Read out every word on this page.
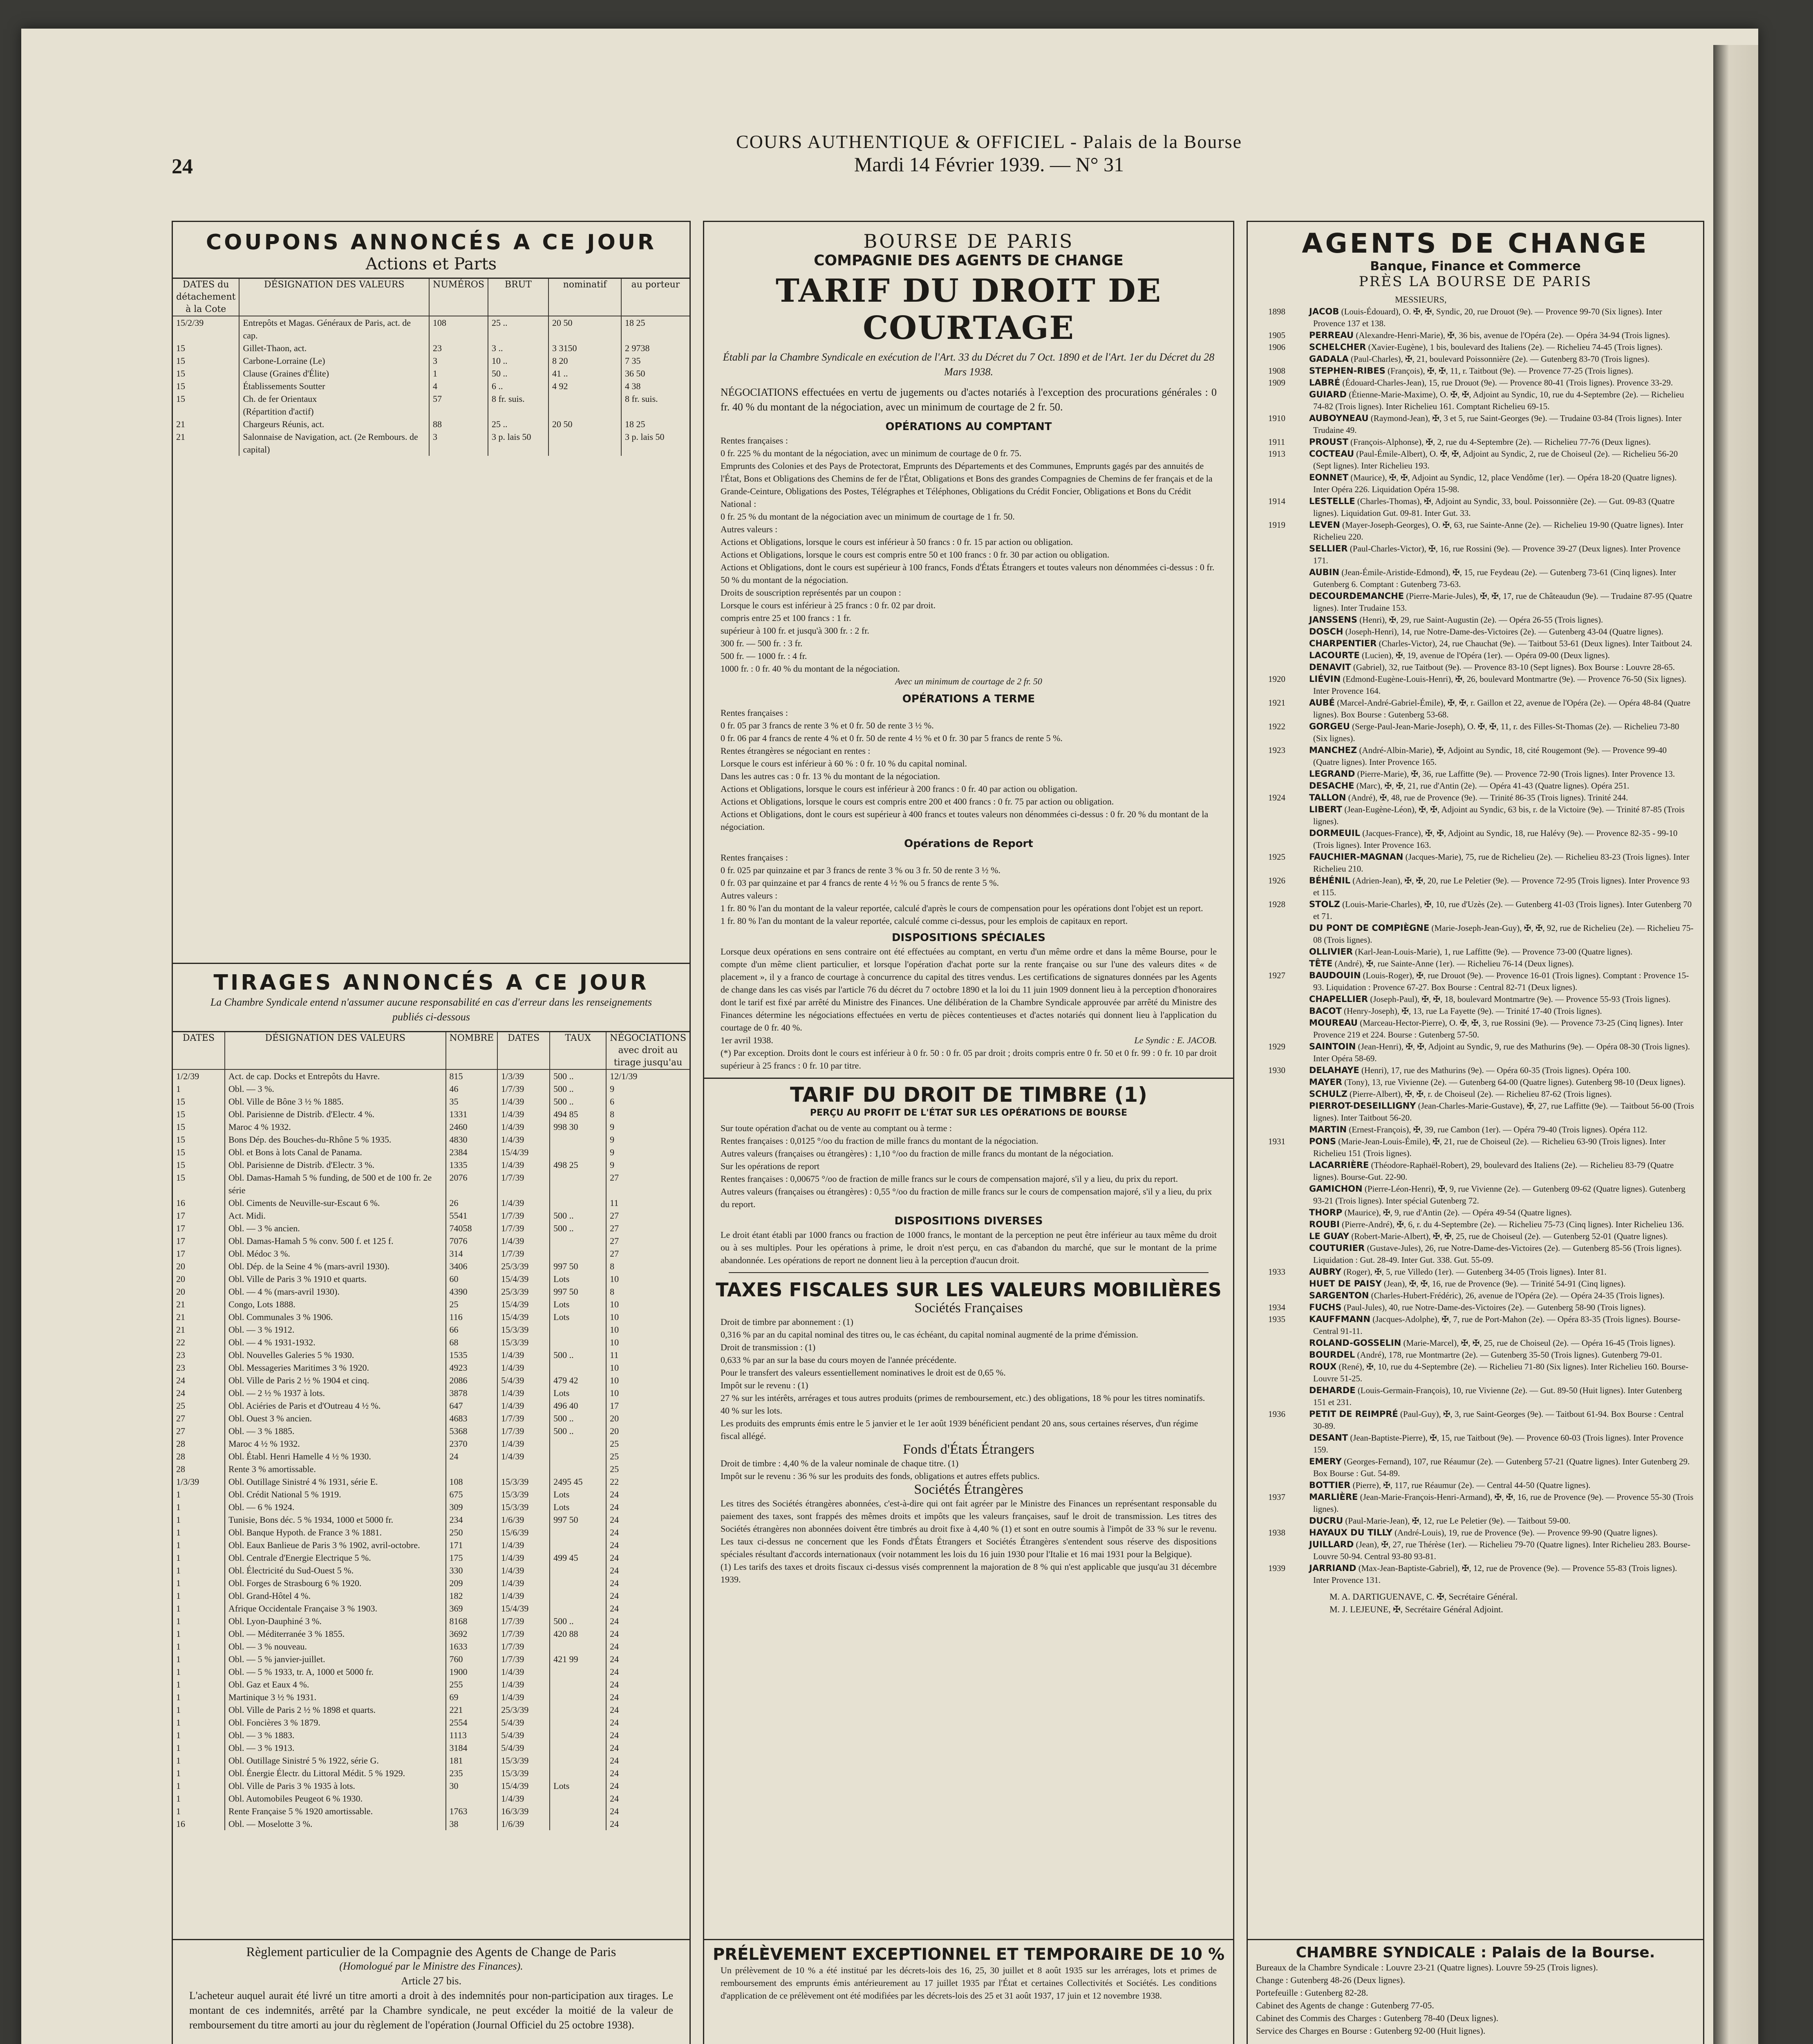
24
COURS AUTHENTIQUE & OFFICIEL - Palais de la Bourse
Mardi 14 Février 1939. — N° 31
COUPONS ANNONCÉS A CE JOUR
Actions et Parts
DATES du détachement à la Cote	DÉSIGNATION DES VALEURS	NUMÉROS	BRUT	nominatif	au porteur
15/2/39	Entrepôts et Magas. Généraux de Paris, act. de cap.	108	25 ..	20 50	18 25
15	Gillet-Thaon, act.	23	3 ..	3 3150	2 9738
15	Carbone-Lorraine (Le)	3	10 ..	8 20	7 35
15	Clause (Graines d'Élite)	1	50 ..	41 ..	36 50
15	Établissements Soutter	4	6 ..	4 92	4 38
15	Ch. de fer Orientaux	57	8 fr. suis.		8 fr. suis.
	(Répartition d'actif)				
21	Chargeurs Réunis, act.	88	25 ..	20 50	18 25
21	Salonnaise de Navigation, act. (2e Rembours. de capital)	3	3 p. lais 50		3 p. lais 50
TIRAGES ANNONCÉS A CE JOUR
La Chambre Syndicale entend n'assumer aucune responsabilité en cas d'erreur dans les renseignements publiés ci-dessous
DATES	DÉSIGNATION DES VALEURS	NOMBRE	DATES	TAUX	NÉGOCIATIONS avec droit au tirage jusqu'au
1/2/39	Act. de cap. Docks et Entrepôts du Havre.	815	1/3/39	500 ..	12/1/39
1	Obl. — 3 %.	46	1/7/39	500 ..	9
15	Obl. Ville de Bône 3 ½ % 1885.	35	1/4/39	500 ..	6
15	Obl. Parisienne de Distrib. d'Electr. 4 %.	1331	1/4/39	494 85	8
15	Maroc 4 % 1932.	2460	1/4/39	998 30	9
15	Bons Dép. des Bouches-du-Rhône 5 % 1935.	4830	1/4/39		9
15	Obl. et Bons à lots Canal de Panama.	2384	15/4/39		9
15	Obl. Parisienne de Distrib. d'Electr. 3 %.	1335	1/4/39	498 25	9
15	Obl. Damas-Hamah 5 % funding, de 500 et de 100 fr. 2e série	2076	1/7/39		27
16	Obl. Ciments de Neuville-sur-Escaut 6 %.	26	1/4/39		11
17	Act. Midi.	5541	1/7/39	500 ..	27
17	Obl. — 3 % ancien.	74058	1/7/39	500 ..	27
17	Obl. Damas-Hamah 5 % conv. 500 f. et 125 f.	7076	1/4/39		27
17	Obl. Médoc 3 %.	314	1/7/39		27
20	Obl. Dép. de la Seine 4 % (mars-avril 1930).	3406	25/3/39	997 50	8
20	Obl. Ville de Paris 3 % 1910 et quarts.	60	15/4/39	Lots	10
20	Obl. — 4 % (mars-avril 1930).	4390	25/3/39	997 50	8
21	Congo, Lots 1888.	25	15/4/39	Lots	10
21	Obl. Communales 3 % 1906.	116	15/4/39	Lots	10
21	Obl. — 3 % 1912.	66	15/3/39		10
22	Obl. — 4 % 1931-1932.	68	15/3/39		10
23	Obl. Nouvelles Galeries 5 % 1930.	1535	1/4/39	500 ..	11
23	Obl. Messageries Maritimes 3 % 1920.	4923	1/4/39		10
24	Obl. Ville de Paris 2 ½ % 1904 et cinq.	2086	5/4/39	479 42	10
24	Obl. — 2 ½ % 1937 à lots.	3878	1/4/39	Lots	10
25	Obl. Aciéries de Paris et d'Outreau 4 ½ %.	647	1/4/39	496 40	17
27	Obl. Ouest 3 % ancien.	4683	1/7/39	500 ..	20
27	Obl. — 3 % 1885.	5368	1/7/39	500 ..	20
28	Maroc 4 ½ % 1932.	2370	1/4/39		25
28	Obl. Établ. Henri Hamelle 4 ½ % 1930.	24	1/4/39		25
28	Rente 3 % amortissable.				25
1/3/39	Obl. Outillage Sinistré 4 % 1931, série E.	108	15/3/39	2495 45	22
1	Obl. Crédit National 5 % 1919.	675	15/3/39	Lots	24
1	Obl. — 6 % 1924.	309	15/3/39	Lots	24
1	Tunisie, Bons déc. 5 % 1934, 1000 et 5000 fr.	234	1/6/39	997 50	24
1	Obl. Banque Hypoth. de France 3 % 1881.	250	15/6/39		24
1	Obl. Eaux Banlieue de Paris 3 % 1902, avril-octobre.	171	1/4/39		24
1	Obl. Centrale d'Energie Electrique 5 %.	175	1/4/39	499 45	24
1	Obl. Électricité du Sud-Ouest 5 %.	330	1/4/39		24
1	Obl. Forges de Strasbourg 6 % 1920.	209	1/4/39		24
1	Obl. Grand-Hôtel 4 %.	182	1/4/39		24
1	Afrique Occidentale Française 3 % 1903.	369	15/4/39		24
1	Obl. Lyon-Dauphiné 3 %.	8168	1/7/39	500 ..	24
1	Obl. — Méditerranée 3 % 1855.	3692	1/7/39	420 88	24
1	Obl. — 3 % nouveau.	1633	1/7/39		24
1	Obl. — 5 % janvier-juillet.	760	1/7/39	421 99	24
1	Obl. — 5 % 1933, tr. A, 1000 et 5000 fr.	1900	1/4/39		24
1	Obl. Gaz et Eaux 4 %.	255	1/4/39		24
1	Martinique 3 ½ % 1931.	69	1/4/39		24
1	Obl. Ville de Paris 2 ½ % 1898 et quarts.	221	25/3/39		24
1	Obl. Foncières 3 % 1879.	2554	5/4/39		24
1	Obl. — 3 % 1883.	1113	5/4/39		24
1	Obl. — 3 % 1913.	3184	5/4/39		24
1	Obl. Outillage Sinistré 5 % 1922, série G.	181	15/3/39		24
1	Obl. Énergie Électr. du Littoral Médit. 5 % 1929.	235	15/3/39		24
1	Obl. Ville de Paris 3 % 1935 à lots.	30	15/4/39	Lots	24
1	Obl. Automobiles Peugeot 6 % 1930.		1/4/39		24
1	Rente Française 5 % 1920 amortissable.	1763	16/3/39		24
16	Obl. — Moselotte 3 %.	38	1/6/39		24
Règlement particulier de la Compagnie des Agents de Change de Paris
(Homologué par le Ministre des Finances).
Article 27 bis.
L'acheteur auquel aurait été livré un titre amorti a droit à des indemnités pour non-participation aux tirages. Le montant de ces indemnités, arrêté par la Chambre syndicale, ne peut excéder la moitié de la valeur de remboursement du titre amorti au jour du règlement de l'opération (Journal Officiel du 25 octobre 1938).
BOURSE DE PARIS
COMPAGNIE DES AGENTS DE CHANGE
TARIF DU DROIT DE COURTAGE
Établi par la Chambre Syndicale en exécution de l'Art. 33 du Décret du 7 Oct. 1890 et de l'Art. 1er du Décret du 28 Mars 1938.
NÉGOCIATIONS effectuées en vertu de jugements ou d'actes notariés à l'exception des procurations générales : 0 fr. 40 % du montant de la négociation, avec un minimum de courtage de 2 fr. 50.
OPÉRATIONS AU COMPTANT
Rentes françaises :
0 fr. 225 % du montant de la négociation, avec un minimum de courtage de 0 fr. 75.
Emprunts des Colonies et des Pays de Protectorat, Emprunts des Départements et des Communes, Emprunts gagés par des annuités de l'État, Bons et Obligations des Chemins de fer de l'État, Obligations et Bons des grandes Compagnies de Chemins de fer français et de la Grande-Ceinture, Obligations des Postes, Télégraphes et Téléphones, Obligations du Crédit Foncier, Obligations et Bons du Crédit National :
0 fr. 25 % du montant de la négociation avec un minimum de courtage de 1 fr. 50.
Autres valeurs :
Actions et Obligations, lorsque le cours est inférieur à 50 francs : 0 fr. 15 par action ou obligation.
Actions et Obligations, lorsque le cours est compris entre 50 et 100 francs : 0 fr. 30 par action ou obligation.
Actions et Obligations, dont le cours est supérieur à 100 francs, Fonds d'États Étrangers et toutes valeurs non dénommées ci-dessus : 0 fr. 50 % du montant de la négociation.
Droits de souscription représentés par un coupon :
Lorsque le cours est inférieur à 25 francs : 0 fr. 02 par droit.
compris entre 25 et 100 francs : 1 fr.
supérieur à 100 fr. et jusqu'à 300 fr. : 2 fr.
300 fr. — 500 fr. : 3 fr.
500 fr. — 1000 fr. : 4 fr.
1000 fr. : 0 fr. 40 % du montant de la négociation.
Avec un minimum de courtage de 2 fr. 50
OPÉRATIONS A TERME
Rentes françaises :
0 fr. 05 par 3 francs de rente 3 % et 0 fr. 50 de rente 3 ½ %.
0 fr. 06 par 4 francs de rente 4 % et 0 fr. 50 de rente 4 ½ % et 0 fr. 30 par 5 francs de rente 5 %.
Rentes étrangères se négociant en rentes :
Lorsque le cours est inférieur à 60 % : 0 fr. 10 % du capital nominal.
Dans les autres cas : 0 fr. 13 % du montant de la négociation.
Actions et Obligations, lorsque le cours est inférieur à 200 francs : 0 fr. 40 par action ou obligation.
Actions et Obligations, lorsque le cours est compris entre 200 et 400 francs : 0 fr. 75 par action ou obligation.
Actions et Obligations, dont le cours est supérieur à 400 francs et toutes valeurs non dénommées ci-dessus : 0 fr. 20 % du montant de la négociation.
Opérations de Report
Rentes françaises :
0 fr. 025 par quinzaine et par 3 francs de rente 3 % ou 3 fr. 50 de rente 3 ½ %.
0 fr. 03 par quinzaine et par 4 francs de rente 4 ½ % ou 5 francs de rente 5 %.
Autres valeurs :
1 fr. 80 % l'an du montant de la valeur reportée, calculé d'après le cours de compensation pour les opérations dont l'objet est un report.
1 fr. 80 % l'an du montant de la valeur reportée, calculé comme ci-dessus, pour les emplois de capitaux en report.
DISPOSITIONS SPÉCIALES
Lorsque deux opérations en sens contraire ont été effectuées au comptant, en vertu d'un même ordre et dans la même Bourse, pour le compte d'un même client particulier, et lorsque l'opération d'achat porte sur la rente française ou sur l'une des valeurs dites « de placement », il y a franco de courtage à concurrence du capital des titres vendus. Les certifications de signatures données par les Agents de change dans les cas visés par l'article 76 du décret du 7 octobre 1890 et la loi du 11 juin 1909 donnent lieu à la perception d'honoraires dont le tarif est fixé par arrêté du Ministre des Finances. Une délibération de la Chambre Syndicale approuvée par arrêté du Ministre des Finances détermine les négociations effectuées en vertu de pièces contentieuses et d'actes notariés qui donnent lieu à l'application du courtage de 0 fr. 40 %.
1er avril 1938.	Le Syndic : E. JACOB.
(*) Par exception. Droits dont le cours est inférieur à 0 fr. 50 : 0 fr. 05 par droit ; droits compris entre 0 fr. 50 et 0 fr. 99 : 0 fr. 10 par droit supérieur à 25 francs : 0 fr. 10 par titre.
TARIF DU DROIT DE TIMBRE (1)
PERÇU AU PROFIT DE L'ÉTAT SUR LES OPÉRATIONS DE BOURSE
Sur toute opération d'achat ou de vente au comptant ou à terme :
Rentes françaises : 0,0125 °/oo du fraction de mille francs du montant de la négociation.
Autres valeurs (françaises ou étrangères) : 1,10 °/oo du fraction de mille francs du montant de la négociation.
Sur les opérations de report
Rentes françaises : 0,00675 °/oo de fraction de mille francs sur le cours de compensation majoré, s'il y a lieu, du prix du report.
Autres valeurs (françaises ou étrangères) : 0,55 °/oo du fraction de mille francs sur le cours de compensation majoré, s'il y a lieu, du prix du report.
DISPOSITIONS DIVERSES
Le droit étant établi par 1000 francs ou fraction de 1000 francs, le montant de la perception ne peut être inférieur au taux même du droit ou à ses multiples. Pour les opérations à prime, le droit n'est perçu, en cas d'abandon du marché, que sur le montant de la prime abandonnée. Les opérations de report ne donnent lieu à la perception d'aucun droit.
TAXES FISCALES SUR LES VALEURS MOBILIÈRES
Sociétés Françaises
Droit de timbre par abonnement : (1)
0,316 % par an du capital nominal des titres ou, le cas échéant, du capital nominal augmenté de la prime d'émission.
Droit de transmission : (1)
0,633 % par an sur la base du cours moyen de l'année précédente.
Pour le transfert des valeurs essentiellement nominatives le droit est de 0,65 %.
Impôt sur le revenu : (1)
27 % sur les intérêts, arrérages et tous autres produits (primes de remboursement, etc.) des obligations, 18 % pour les titres nominatifs.
40 % sur les lots.
Les produits des emprunts émis entre le 5 janvier et le 1er août 1939 bénéficient pendant 20 ans, sous certaines réserves, d'un régime fiscal allégé.
Fonds d'États Étrangers
Droit de timbre : 4,40 % de la valeur nominale de chaque titre. (1)
Impôt sur le revenu : 36 % sur les produits des fonds, obligations et autres effets publics.
Sociétés Étrangères
Les titres des Sociétés étrangères abonnées, c'est-à-dire qui ont fait agréer par le Ministre des Finances un représentant responsable du paiement des taxes, sont frappés des mêmes droits et impôts que les valeurs françaises, sauf le droit de transmission. Les titres des Sociétés étrangères non abonnées doivent être timbrés au droit fixe à 4,40 % (1) et sont en outre soumis à l'impôt de 33 % sur le revenu. Les taux ci-dessus ne concernent que les Fonds d'États Étrangers et Sociétés Étrangères s'entendent sous réserve des dispositions spéciales résultant d'accords internationaux (voir notamment les lois du 16 juin 1930 pour l'Italie et 16 mai 1931 pour la Belgique).
(1) Les tarifs des taxes et droits fiscaux ci-dessus visés comprennent la majoration de 8 % qui n'est applicable que jusqu'au 31 décembre 1939.
PRÉLÈVEMENT EXCEPTIONNEL ET TEMPORAIRE DE 10 %
Un prélèvement de 10 % a été institué par les décrets-lois des 16, 25, 30 juillet et 8 août 1935 sur les arrérages, lots et primes de remboursement des emprunts émis antérieurement au 17 juillet 1935 par l'État et certaines Collectivités et Sociétés. Les conditions d'application de ce prélèvement ont été modifiées par les décrets-lois des 25 et 31 août 1937, 17 juin et 12 novembre 1938.
AGENTS DE CHANGE
Banque, Finance et Commerce
PRÈS LA BOURSE DE PARIS
MESSIEURS,
1898	JACOB (Louis-Édouard), O. ✠, ✠, Syndic, 20, rue Drouot (9e). — Provence 99-70 (Six lignes). Inter Provence 137 et 138.
1905	PERREAU (Alexandre-Henri-Marie), ✠, 36 bis, avenue de l'Opéra (2e). — Opéra 34-94 (Trois lignes).
1906	SCHELCHER (Xavier-Eugène), 1 bis, boulevard des Italiens (2e). — Richelieu 74-45 (Trois lignes).
GADALA (Paul-Charles), ✠, 21, boulevard Poissonnière (2e). — Gutenberg 83-70 (Trois lignes).
1908	STEPHEN-RIBES (François), ✠, ✠, 11, r. Taitbout (9e). — Provence 77-25 (Trois lignes).
1909	LABRÉ (Édouard-Charles-Jean), 15, rue Drouot (9e). — Provence 80-41 (Trois lignes). Provence 33-29.
GUIARD (Étienne-Marie-Maxime), O. ✠, ✠, Adjoint au Syndic, 10, rue du 4-Septembre (2e). — Richelieu 74-82 (Trois lignes). Inter Richelieu 161. Comptant Richelieu 69-15.
1910	AUBOYNEAU (Raymond-Jean), ✠, 3 et 5, rue Saint-Georges (9e). — Trudaine 03-84 (Trois lignes). Inter Trudaine 49.
1911	PROUST (François-Alphonse), ✠, 2, rue du 4-Septembre (2e). — Richelieu 77-76 (Deux lignes).
1913	COCTEAU (Paul-Émile-Albert), O. ✠, ✠, Adjoint au Syndic, 2, rue de Choiseul (2e). — Richelieu 56-20 (Sept lignes). Inter Richelieu 193.
EONNET (Maurice), ✠, ✠, Adjoint au Syndic, 12, place Vendôme (1er). — Opéra 18-20 (Quatre lignes). Inter Opéra 226. Liquidation Opéra 15-98.
1914	LESTELLE (Charles-Thomas), ✠, Adjoint au Syndic, 33, boul. Poissonnière (2e). — Gut. 09-83 (Quatre lignes). Liquidation Gut. 09-81. Inter Gut. 33.
1919	LEVEN (Mayer-Joseph-Georges), O. ✠, 63, rue Sainte-Anne (2e). — Richelieu 19-90 (Quatre lignes). Inter Richelieu 220.
SELLIER (Paul-Charles-Victor), ✠, 16, rue Rossini (9e). — Provence 39-27 (Deux lignes). Inter Provence 171.
AUBIN (Jean-Émile-Aristide-Edmond), ✠, 15, rue Feydeau (2e). — Gutenberg 73-61 (Cinq lignes). Inter Gutenberg 6. Comptant : Gutenberg 73-63.
DECOURDEMANCHE (Pierre-Marie-Jules), ✠, ✠, 17, rue de Châteaudun (9e). — Trudaine 87-95 (Quatre lignes). Inter Trudaine 153.
JANSSENS (Henri), ✠, 29, rue Saint-Augustin (2e). — Opéra 26-55 (Trois lignes).
DOSCH (Joseph-Henri), 14, rue Notre-Dame-des-Victoires (2e). — Gutenberg 43-04 (Quatre lignes).
CHARPENTIER (Charles-Victor), 24, rue Chauchat (9e). — Taitbout 53-61 (Deux lignes). Inter Taitbout 24.
LACOURTE (Lucien), ✠, 19, avenue de l'Opéra (1er). — Opéra 09-00 (Deux lignes).
DENAVIT (Gabriel), 32, rue Taitbout (9e). — Provence 83-10 (Sept lignes). Box Bourse : Louvre 28-65.
1920	LIÉVIN (Edmond-Eugène-Louis-Henri), ✠, 26, boulevard Montmartre (9e). — Provence 76-50 (Six lignes). Inter Provence 164.
1921	AUBÉ (Marcel-André-Gabriel-Émile), ✠, ✠, r. Gaillon et 22, avenue de l'Opéra (2e). — Opéra 48-84 (Quatre lignes). Box Bourse : Gutenberg 53-68.
1922	GORGEU (Serge-Paul-Jean-Marie-Joseph), O. ✠, ✠, 11, r. des Filles-St-Thomas (2e). — Richelieu 73-80 (Six lignes).
1923	MANCHEZ (André-Albin-Marie), ✠, Adjoint au Syndic, 18, cité Rougemont (9e). — Provence 99-40 (Quatre lignes). Inter Provence 165.
LEGRAND (Pierre-Marie), ✠, 36, rue Laffitte (9e). — Provence 72-90 (Trois lignes). Inter Provence 13.
DESACHE (Marc), ✠, ✠, 21, rue d'Antin (2e). — Opéra 41-43 (Quatre lignes). Opéra 251.
1924	TALLON (André), ✠, 48, rue de Provence (9e). — Trinité 86-35 (Trois lignes). Trinité 244.
LIBERT (Jean-Eugène-Léon), ✠, ✠, Adjoint au Syndic, 63 bis, r. de la Victoire (9e). — Trinité 87-85 (Trois lignes).
DORMEUIL (Jacques-France), ✠, ✠, Adjoint au Syndic, 18, rue Halévy (9e). — Provence 82-35 - 99-10 (Trois lignes). Inter Provence 163.
1925	FAUCHIER-MAGNAN (Jacques-Marie), 75, rue de Richelieu (2e). — Richelieu 83-23 (Trois lignes). Inter Richelieu 210.
1926	BÉHÉNIL (Adrien-Jean), ✠, ✠, 20, rue Le Peletier (9e). — Provence 72-95 (Trois lignes). Inter Provence 93 et 115.
1928	STOLZ (Louis-Marie-Charles), ✠, 10, rue d'Uzès (2e). — Gutenberg 41-03 (Trois lignes). Inter Gutenberg 70 et 71.
DU PONT DE COMPIÈGNE (Marie-Joseph-Jean-Guy), ✠, ✠, 92, rue de Richelieu (2e). — Richelieu 75-08 (Trois lignes).
OLLIVIER (Karl-Jean-Louis-Marie), 1, rue Laffitte (9e). — Provence 73-00 (Quatre lignes).
TÊTE (André), ✠, rue Sainte-Anne (1er). — Richelieu 76-14 (Deux lignes).
1927	BAUDOUIN (Louis-Roger), ✠, rue Drouot (9e). — Provence 16-01 (Trois lignes). Comptant : Provence 15-93. Liquidation : Provence 67-27. Box Bourse : Central 82-71 (Deux lignes).
CHAPELLIER (Joseph-Paul), ✠, ✠, 18, boulevard Montmartre (9e). — Provence 55-93 (Trois lignes).
BACOT (Henry-Joseph), ✠, 13, rue La Fayette (9e). — Trinité 17-40 (Trois lignes).
MOUREAU (Marceau-Hector-Pierre), O. ✠, ✠, 3, rue Rossini (9e). — Provence 73-25 (Cinq lignes). Inter Provence 219 et 224. Bourse : Gutenberg 57-50.
1929	SAINTOIN (Jean-Henri), ✠, ✠, Adjoint au Syndic, 9, rue des Mathurins (9e). — Opéra 08-30 (Trois lignes). Inter Opéra 58-69.
1930	DELAHAYE (Henri), 17, rue des Mathurins (9e). — Opéra 60-35 (Trois lignes). Opéra 100.
MAYER (Tony), 13, rue Vivienne (2e). — Gutenberg 64-00 (Quatre lignes). Gutenberg 98-10 (Deux lignes).
SCHULZ (Pierre-Albert), ✠, ✠, r. de Choiseul (2e). — Richelieu 87-62 (Trois lignes).
PIERROT-DESEILLIGNY (Jean-Charles-Marie-Gustave), ✠, 27, rue Laffitte (9e). — Taitbout 56-00 (Trois lignes). Inter Taitbout 56-20.
MARTIN (Ernest-François), ✠, 39, rue Cambon (1er). — Opéra 79-40 (Trois lignes). Opéra 112.
1931	PONS (Marie-Jean-Louis-Émile), ✠, 21, rue de Choiseul (2e). — Richelieu 63-90 (Trois lignes). Inter Richelieu 151 (Trois lignes).
LACARRIÈRE (Théodore-Raphaël-Robert), 29, boulevard des Italiens (2e). — Richelieu 83-79 (Quatre lignes). Bourse-Gut. 22-90.
GAMICHON (Pierre-Léon-Henri), ✠, 9, rue Vivienne (2e). — Gutenberg 09-62 (Quatre lignes). Gutenberg 93-21 (Trois lignes). Inter spécial Gutenberg 72.
THORP (Maurice), ✠, 9, rue d'Antin (2e). — Opéra 49-54 (Quatre lignes).
ROUBI (Pierre-André), ✠, 6, r. du 4-Septembre (2e). — Richelieu 75-73 (Cinq lignes). Inter Richelieu 136.
LE GUAY (Robert-Marie-Albert), ✠, ✠, 25, rue de Choiseul (2e). — Gutenberg 52-01 (Quatre lignes).
COUTURIER (Gustave-Jules), 26, rue Notre-Dame-des-Victoires (2e). — Gutenberg 85-56 (Trois lignes). Liquidation : Gut. 28-49. Inter Gut. 338. Gut. 55-09.
1933	AUBRY (Roger), ✠, 5, rue Villedo (1er). — Gutenberg 34-05 (Trois lignes). Inter 81.
HUET DE PAISY (Jean), ✠, ✠, 16, rue de Provence (9e). — Trinité 54-91 (Cinq lignes).
SARGENTON (Charles-Hubert-Frédéric), 26, avenue de l'Opéra (2e). — Opéra 24-35 (Trois lignes).
1934	FUCHS (Paul-Jules), 40, rue Notre-Dame-des-Victoires (2e). — Gutenberg 58-90 (Trois lignes).
1935	KAUFFMANN (Jacques-Adolphe), ✠, 7, rue de Port-Mahon (2e). — Opéra 83-35 (Trois lignes). Bourse-Central 91-11.
ROLAND-GOSSELIN (Marie-Marcel), ✠, ✠, 25, rue de Choiseul (2e). — Opéra 16-45 (Trois lignes).
BOURDEL (André), 178, rue Montmartre (2e). — Gutenberg 35-50 (Trois lignes). Gutenberg 79-01.
ROUX (René), ✠, 10, rue du 4-Septembre (2e). — Richelieu 71-80 (Six lignes). Inter Richelieu 160. Bourse-Louvre 51-25.
DEHARDE (Louis-Germain-François), 10, rue Vivienne (2e). — Gut. 89-50 (Huit lignes). Inter Gutenberg 151 et 231.
1936	PETIT DE REIMPRÉ (Paul-Guy), ✠, 3, rue Saint-Georges (9e). — Taitbout 61-94. Box Bourse : Central 30-89.
DESANT (Jean-Baptiste-Pierre), ✠, 15, rue Taitbout (9e). — Provence 60-03 (Trois lignes). Inter Provence 159.
EMERY (Georges-Fernand), 107, rue Réaumur (2e). — Gutenberg 57-21 (Quatre lignes). Inter Gutenberg 29. Box Bourse : Gut. 54-89.
BOTTIER (Pierre), ✠, 117, rue Réaumur (2e). — Central 44-50 (Quatre lignes).
1937	MARLIÈRE (Jean-Marie-François-Henri-Armand), ✠, ✠, 16, rue de Provence (9e). — Provence 55-30 (Trois lignes).
DUCRU (Paul-Marie-Jean), ✠, 12, rue Le Peletier (9e). — Taitbout 59-00.
1938	HAYAUX DU TILLY (André-Louis), 19, rue de Provence (9e). — Provence 99-90 (Quatre lignes).
JUILLARD (Jean), ✠, 27, rue Thérèse (1er). — Richelieu 79-70 (Quatre lignes). Inter Richelieu 283. Bourse-Louvre 50-94. Central 93-80 93-81.
1939	JARRIAND (Max-Jean-Baptiste-Gabriel), ✠, 12, rue de Provence (9e). — Provence 55-83 (Trois lignes). Inter Provence 131.
M. A. DARTIGUENAVE, C. ✠, Secrétaire Général.
M. J. LEJEUNE, ✠, Secrétaire Général Adjoint.
CHAMBRE SYNDICALE : Palais de la Bourse.
Bureaux de la Chambre Syndicale : Louvre 23-21 (Quatre lignes). Louvre 59-25 (Trois lignes).
Change : Gutenberg 48-26 (Deux lignes).
Portefeuille : Gutenberg 82-28.
Cabinet des Agents de change : Gutenberg 77-05.
Cabinet des Commis des Charges : Gutenberg 78-40 (Deux lignes).
Service des Charges en Bourse : Gutenberg 92-00 (Huit lignes).
